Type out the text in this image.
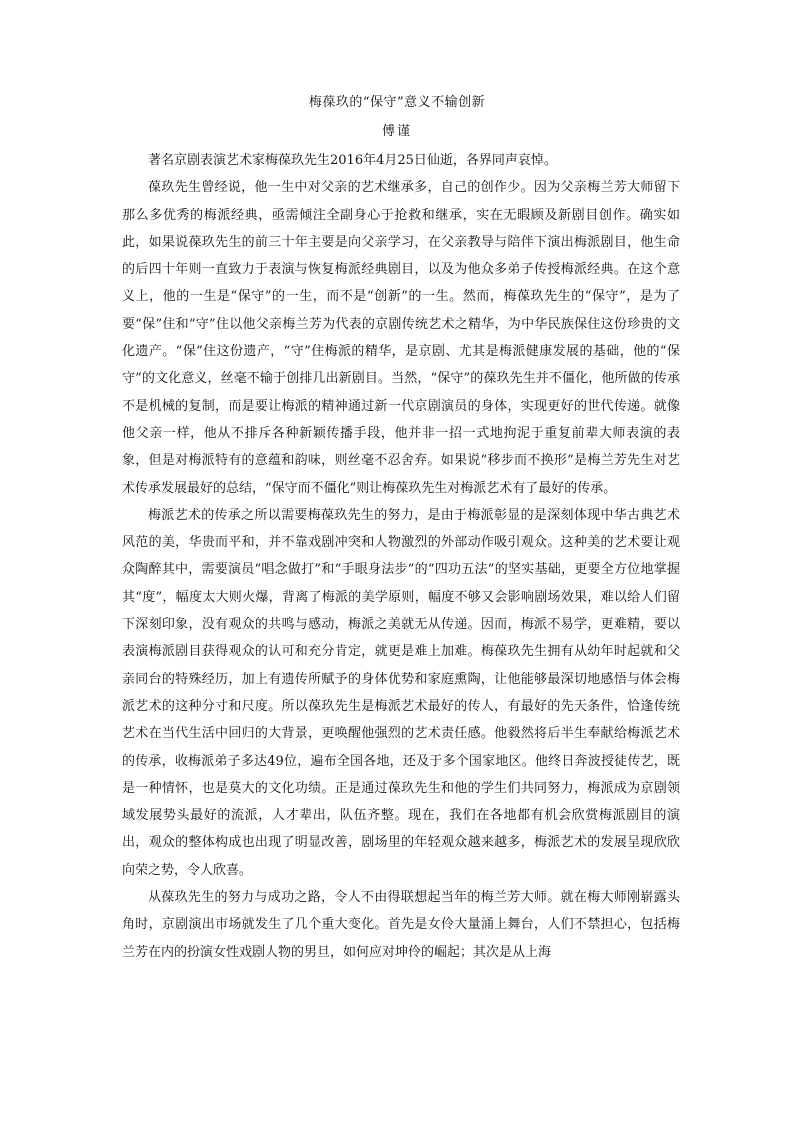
梅葆玖的“保守”意义不输创新
傅谨

著名京剧表演艺术家梅葆玖先生2016年4月25日仙逝，各界同声哀悼。

葆玖先生曾经说，他一生中对父亲的艺术继承多，自己的创作少。因为父亲梅兰芳大师留下那么多优秀的梅派经典，亟需倾注全副身心于抢救和继承，实在无暇顾及新剧目创作。确实如此，如果说葆玖先生的前三十年主要是向父亲学习，在父亲教导与陪伴下演出梅派剧目，他生命的后四十年则一直致力于表演与恢复梅派经典剧目，以及为他众多弟子传授梅派经典。在这个意义上，他的一生是“保守”的一生，而不是“创新”的一生。然而，梅葆玖先生的“保守”，是为了要“保”住和“守”住以他父亲梅兰芳为代表的京剧传统艺术之精华，为中华民族保住这份珍贵的文化遗产。“保”住这份遗产，“守”住梅派的精华，是京剧、尤其是梅派健康发展的基础，他的“保守”的文化意义，丝毫不输于创排几出新剧目。当然，“保守”的葆玖先生并不僵化，他所做的传承不是机械的复制，而是要让梅派的精神通过新一代京剧演员的身体，实现更好的世代传递。就像他父亲一样，他从不排斥各种新颖传播手段，他并非一招一式地拘泥于重复前辈大师表演的表象，但是对梅派特有的意蕴和韵味，则丝毫不忍舍弃。如果说“移步而不换形”是梅兰芳先生对艺术传承发展最好的总结，“保守而不僵化”则让梅葆玖先生对梅派艺术有了最好的传承。

梅派艺术的传承之所以需要梅葆玖先生的努力，是由于梅派彰显的是深刻体现中华古典艺术风范的美，华贵而平和，并不靠戏剧冲突和人物激烈的外部动作吸引观众。这种美的艺术要让观众陶醉其中，需要演员“唱念做打”和“手眼身法步”的“四功五法”的坚实基础，更要全方位地掌握其“度”，幅度太大则火爆，背离了梅派的美学原则，幅度不够又会影响剧场效果，难以给人们留下深刻印象，没有观众的共鸣与感动，梅派之美就无从传递。因而，梅派不易学，更难精，要以表演梅派剧目获得观众的认可和充分肯定，就更是难上加难。梅葆玖先生拥有从幼年时起就和父亲同台的特殊经历，加上有遗传所赋予的身体优势和家庭熏陶，让他能够最深切地感悟与体会梅派艺术的这种分寸和尺度。所以葆玖先生是梅派艺术最好的传人，有最好的先天条件，恰逢传统艺术在当代生活中回归的大背景，更唤醒他强烈的艺术责任感。他毅然将后半生奉献给梅派艺术的传承，收梅派弟子多达49位，遍布全国各地，还及于多个国家地区。他终日奔波授徒传艺，既是一种情怀，也是莫大的文化功绩。正是通过葆玖先生和他的学生们共同努力，梅派成为京剧领域发展势头最好的流派，人才辈出，队伍齐整。现在，我们在各地都有机会欣赏梅派剧目的演出，观众的整体构成也出现了明显改善，剧场里的年轻观众越来越多，梅派艺术的发展呈现欣欣向荣之势，令人欣喜。

从葆玖先生的努力与成功之路，令人不由得联想起当年的梅兰芳大师。就在梅大师刚崭露头角时，京剧演出市场就发生了几个重大变化。首先是女伶大量涌上舞台，人们不禁担心，包括梅兰芳在内的扮演女性戏剧人物的男旦，如何应对坤伶的崛起；其次是从上海
